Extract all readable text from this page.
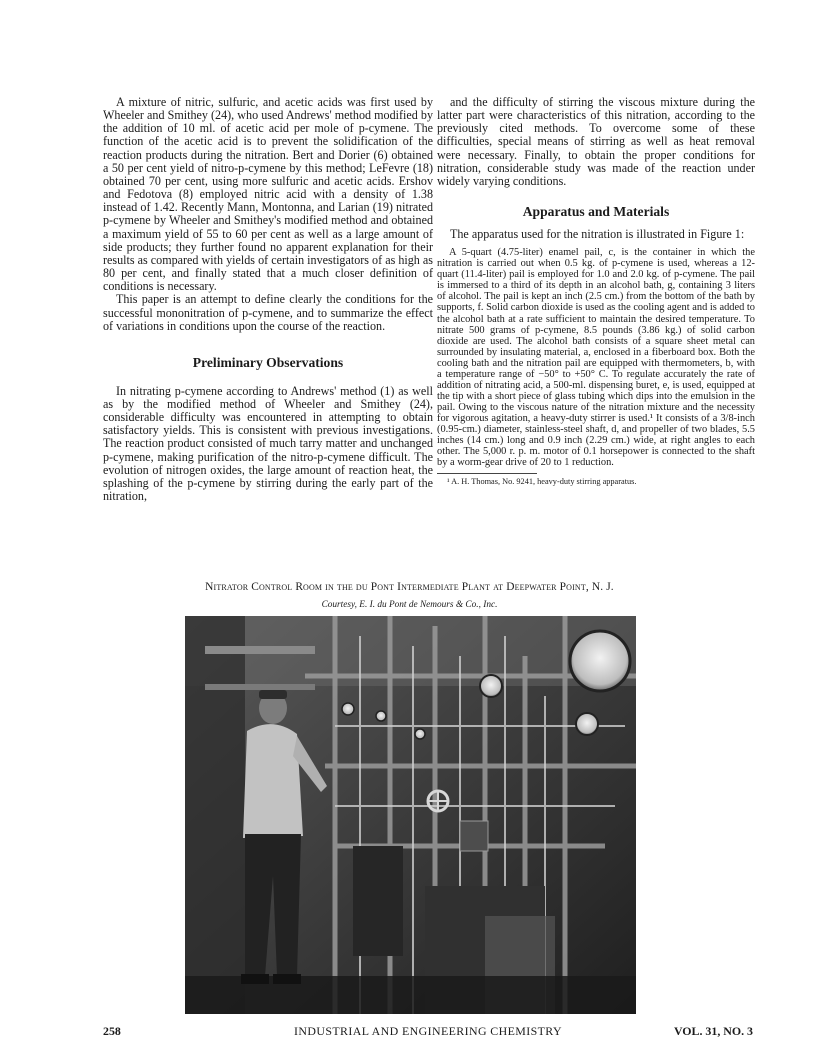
A mixture of nitric, sulfuric, and acetic acids was first used by Wheeler and Smithey (24), who used Andrews' method modified by the addition of 10 ml. of acetic acid per mole of p-cymene. The function of the acetic acid is to prevent the solidification of the reaction products during the nitration. Bert and Dorier (6) obtained a 50 per cent yield of nitro-p-cymene by this method; LeFevre (18) obtained 70 per cent, using more sulfuric and acetic acids. Ershov and Fedotova (8) employed nitric acid with a density of 1.38 instead of 1.42. Recently Mann, Montonna, and Larian (19) nitrated p-cymene by Wheeler and Smithey's modified method and obtained a maximum yield of 55 to 60 per cent as well as a large amount of side products; they further found no apparent explanation for their results as compared with yields of certain investigators of as high as 80 per cent, and finally stated that a much closer definition of conditions is necessary.

This paper is an attempt to define clearly the conditions for the successful mononitration of p-cymene, and to summarize the effect of variations in conditions upon the course of the reaction.

Preliminary Observations

In nitrating p-cymene according to Andrews' method (1) as well as by the modified method of Wheeler and Smithey (24), considerable difficulty was encountered in attempting to obtain satisfactory yields. This is consistent with previous investigations. The reaction product consisted of much tarry matter and unchanged p-cymene, making purification of the nitro-p-cymene difficult. The evolution of nitrogen oxides, the large amount of reaction heat, the splashing of the p-cymene by stirring during the early part of the nitration,

and the difficulty of stirring the viscous mixture during the latter part were characteristics of this nitration, according to the previously cited methods. To overcome some of these difficulties, special means of stirring as well as heat removal were necessary. Finally, to obtain the proper conditions for nitration, considerable study was made of the reaction under widely varying conditions.

Apparatus and Materials

The apparatus used for the nitration is illustrated in Figure 1:

A 5-quart (4.75-liter) enamel pail, c, is the container in which the nitration is carried out when 0.5 kg. of p-cymene is used, whereas a 12-quart (11.4-liter) pail is employed for 1.0 and 2.0 kg. of p-cymene. The pail is immersed to a third of its depth in an alcohol bath, g, containing 3 liters of alcohol. The pail is kept an inch (2.5 cm.) from the bottom of the bath by supports, f. Solid carbon dioxide is used as the cooling agent and is added to the alcohol bath at a rate sufficient to maintain the desired temperature. To nitrate 500 grams of p-cymene, 8.5 pounds (3.86 kg.) of solid carbon dioxide are used. The alcohol bath consists of a square sheet metal can surrounded by insulating material, a, enclosed in a fiberboard box. Both the cooling bath and the nitration pail are equipped with thermometers, b, with a temperature range of −50° to +50° C. To regulate accurately the rate of addition of nitrating acid, a 500-ml. dispensing buret, e, is used, equipped at the tip with a short piece of glass tubing which dips into the emulsion in the pail. Owing to the viscous nature of the nitration mixture and the necessity for vigorous agitation, a heavy-duty stirrer is used.¹ It consists of a 3/8-inch (0.95-cm.) diameter, stainless-steel shaft, d, and propeller of two blades, 5.5 inches (14 cm.) long and 0.9 inch (2.29 cm.) wide, at right angles to each other. The 5,000 r. p. m. motor of 0.1 horsepower is connected to the shaft by a worm-gear drive of 20 to 1 reduction.

¹ A. H. Thomas, No. 9241, heavy-duty stirring apparatus.

Nitrator Control Room in the du Pont Intermediate Plant at Deepwater Point, N. J.
Courtesy, E. I. du Pont de Nemours & Co., Inc.
258	INDUSTRIAL AND ENGINEERING CHEMISTRY	VOL. 31, NO. 3
